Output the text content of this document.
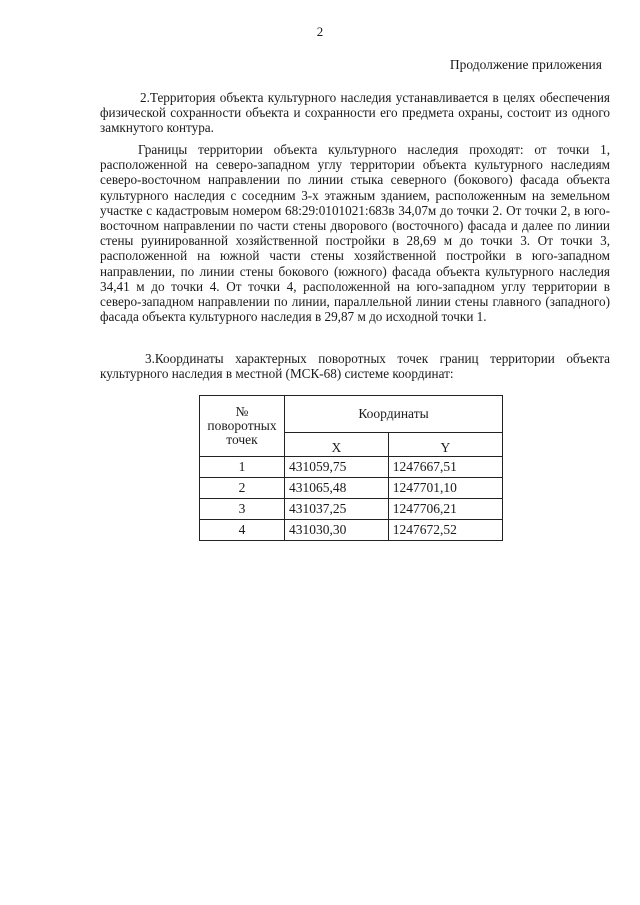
2
Продолжение приложения
2.Территория объекта культурного наследия устанавливается в целях обеспечения физической сохранности объекта и сохранности его предмета охраны, состоит из одного замкнутого контура.
Границы территории объекта культурного наследия проходят: от точки 1, расположенной на северо-западном углу территории объекта культурного наследиям северо-восточном направлении по линии стыка северного (бокового) фасада объекта культурного наследия с соседним 3-х этажным зданием, расположенным на земельном участке с кадастровым номером 68:29:0101021:683в 34,07м до точки 2. От точки 2, в юго-восточном направлении по части стены дворового (восточного) фасада и далее по линии стены руинированной хозяйственной постройки в 28,69 м до точки 3. От точки 3, расположенной на южной части стены хозяйственной постройки в юго-западном направлении, по линии стены бокового (южного) фасада объекта культурного наследия 34,41 м до точки 4. От точки 4, расположенной на юго-западном углу территории в северо-западном направлении по линии, параллельной линии стены главного (западного) фасада объекта культурного наследия в 29,87 м до исходной точки 1.
3.Координаты характерных поворотных точек границ территории объекта культурного наследия в местной (МСК-68) системе координат:
№ поворотных точек	Координаты	
	X	Y
1	431059,75	1247667,51
2	431065,48	1247701,10
3	431037,25	1247706,21
4	431030,30	1247672,52
